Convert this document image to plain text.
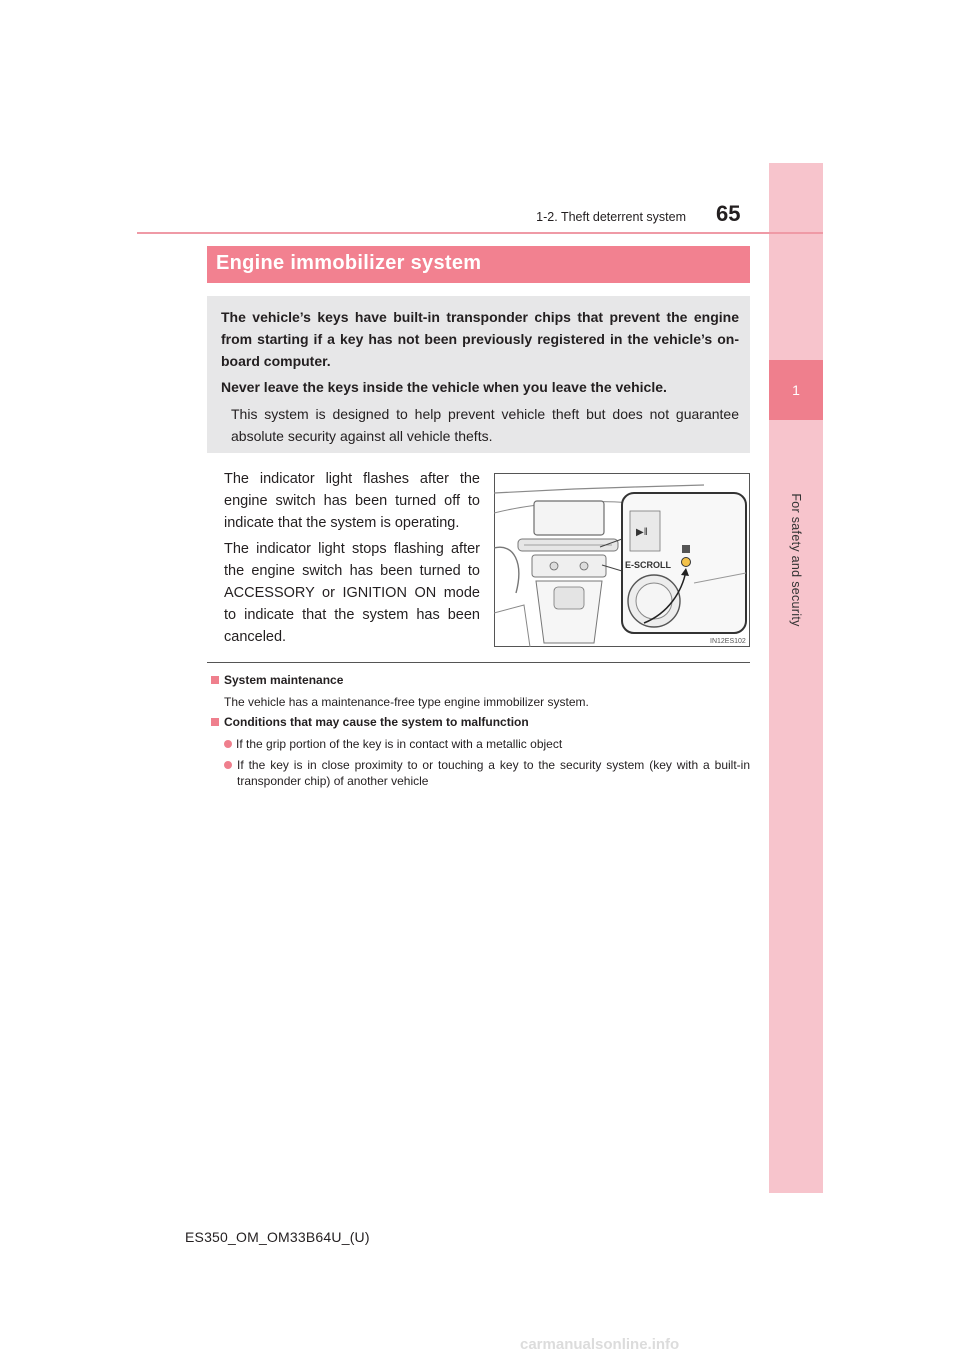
1
For safety and security
1-2. Theft deterrent system 65
Engine immobilizer system
The vehicle’s keys have built-in transponder chips that prevent the engine from starting if a key has not been previously registered in the vehicle’s on-board computer.
Never leave the keys inside the vehicle when you leave the vehicle.
This system is designed to help prevent vehicle theft but does not guarantee absolute security against all vehicle thefts.
The indicator light flashes after the engine switch has been turned off to indicate that the system is operating.
The indicator light stops flashing after the engine switch has been turned to ACCESSORY or IGNITION ON mode to indicate that the system has been canceled.
▶‖
E-SCROLL
IN12ES102
System maintenance
The vehicle has a maintenance-free type engine immobilizer system.
Conditions that may cause the system to malfunction
If the grip portion of the key is in contact with a metallic object
If the key is in close proximity to or touching a key to the security system (key with a built-in transponder chip) of another vehicle
ES350_OM_OM33B64U_(U)
carmanualsonline.info
